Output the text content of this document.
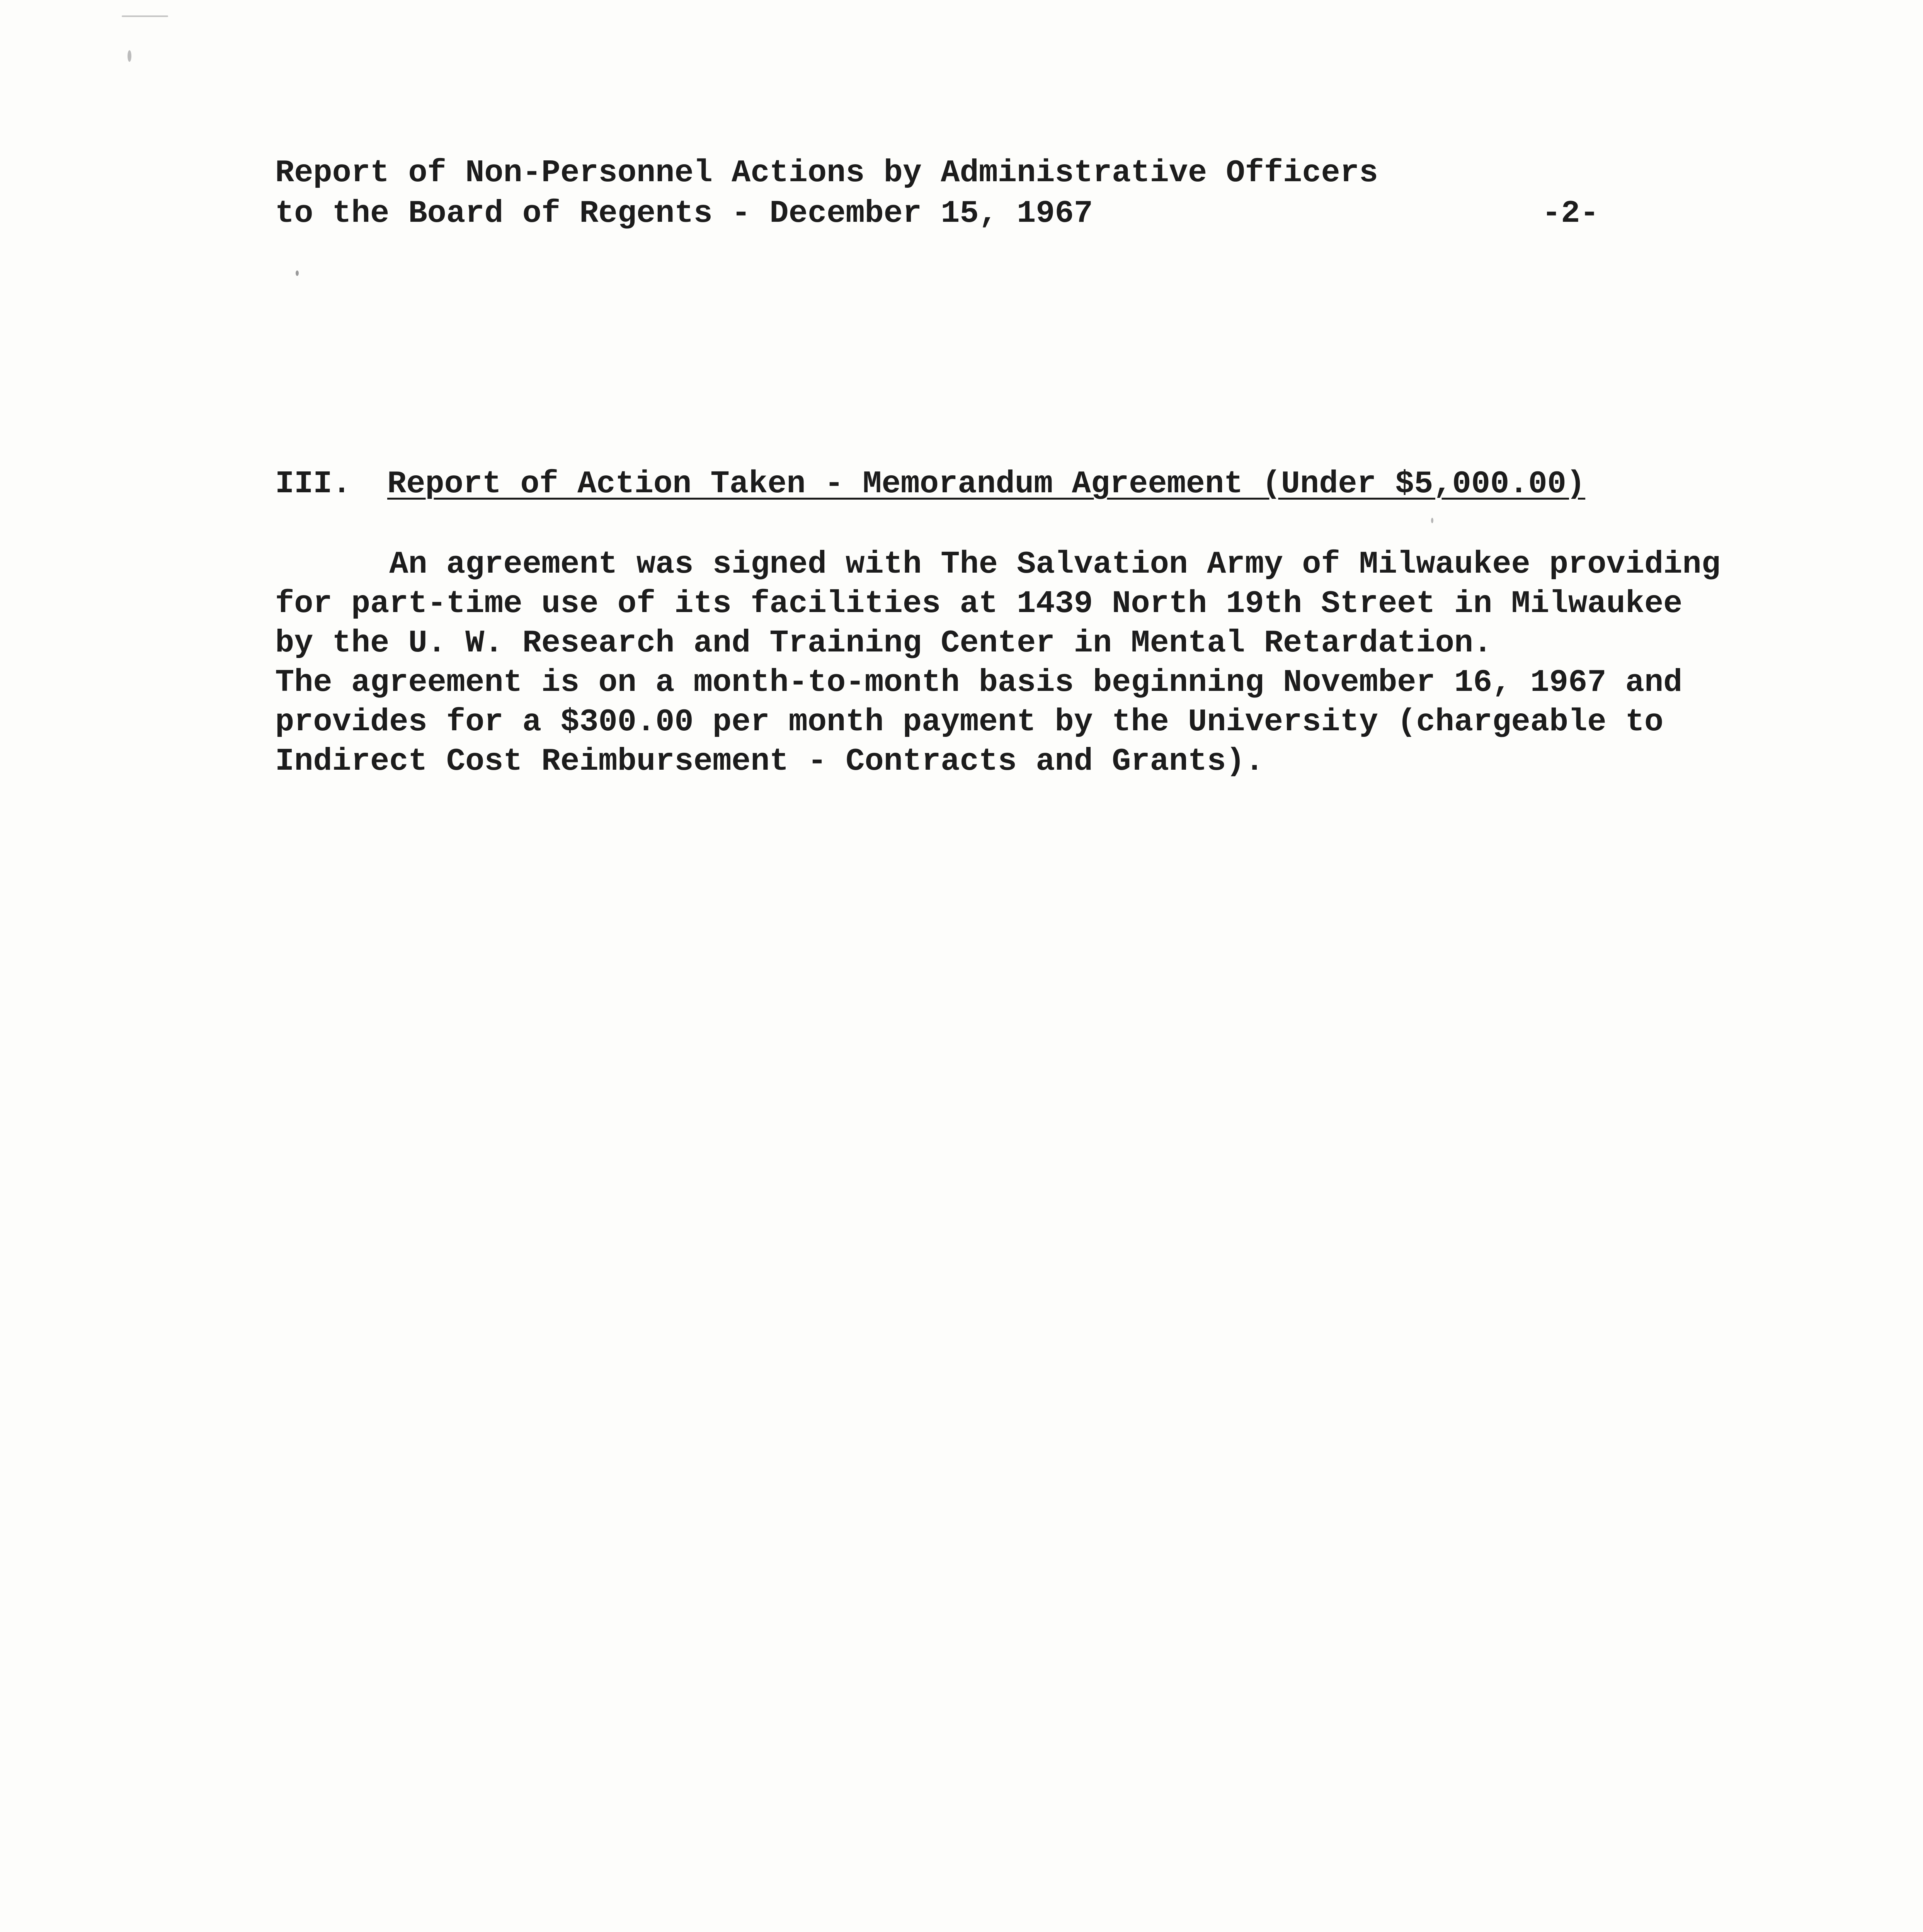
Report of Non-Personnel Actions by Administrative Officers
to the Board of Regents - December 15, 1967	-2-
III. Report of Action Taken - Memorandum Agreement (Under $5,000.00)
An agreement was signed with The Salvation Army of Milwaukee providing
for part-time use of its facilities at 1439 North 19th Street in Milwaukee
by the U. W. Research and Training Center in Mental Retardation.
The agreement is on a month-to-month basis beginning November 16, 1967 and
provides for a $300.00 per month payment by the University (chargeable to
Indirect Cost Reimbursement - Contracts and Grants).
